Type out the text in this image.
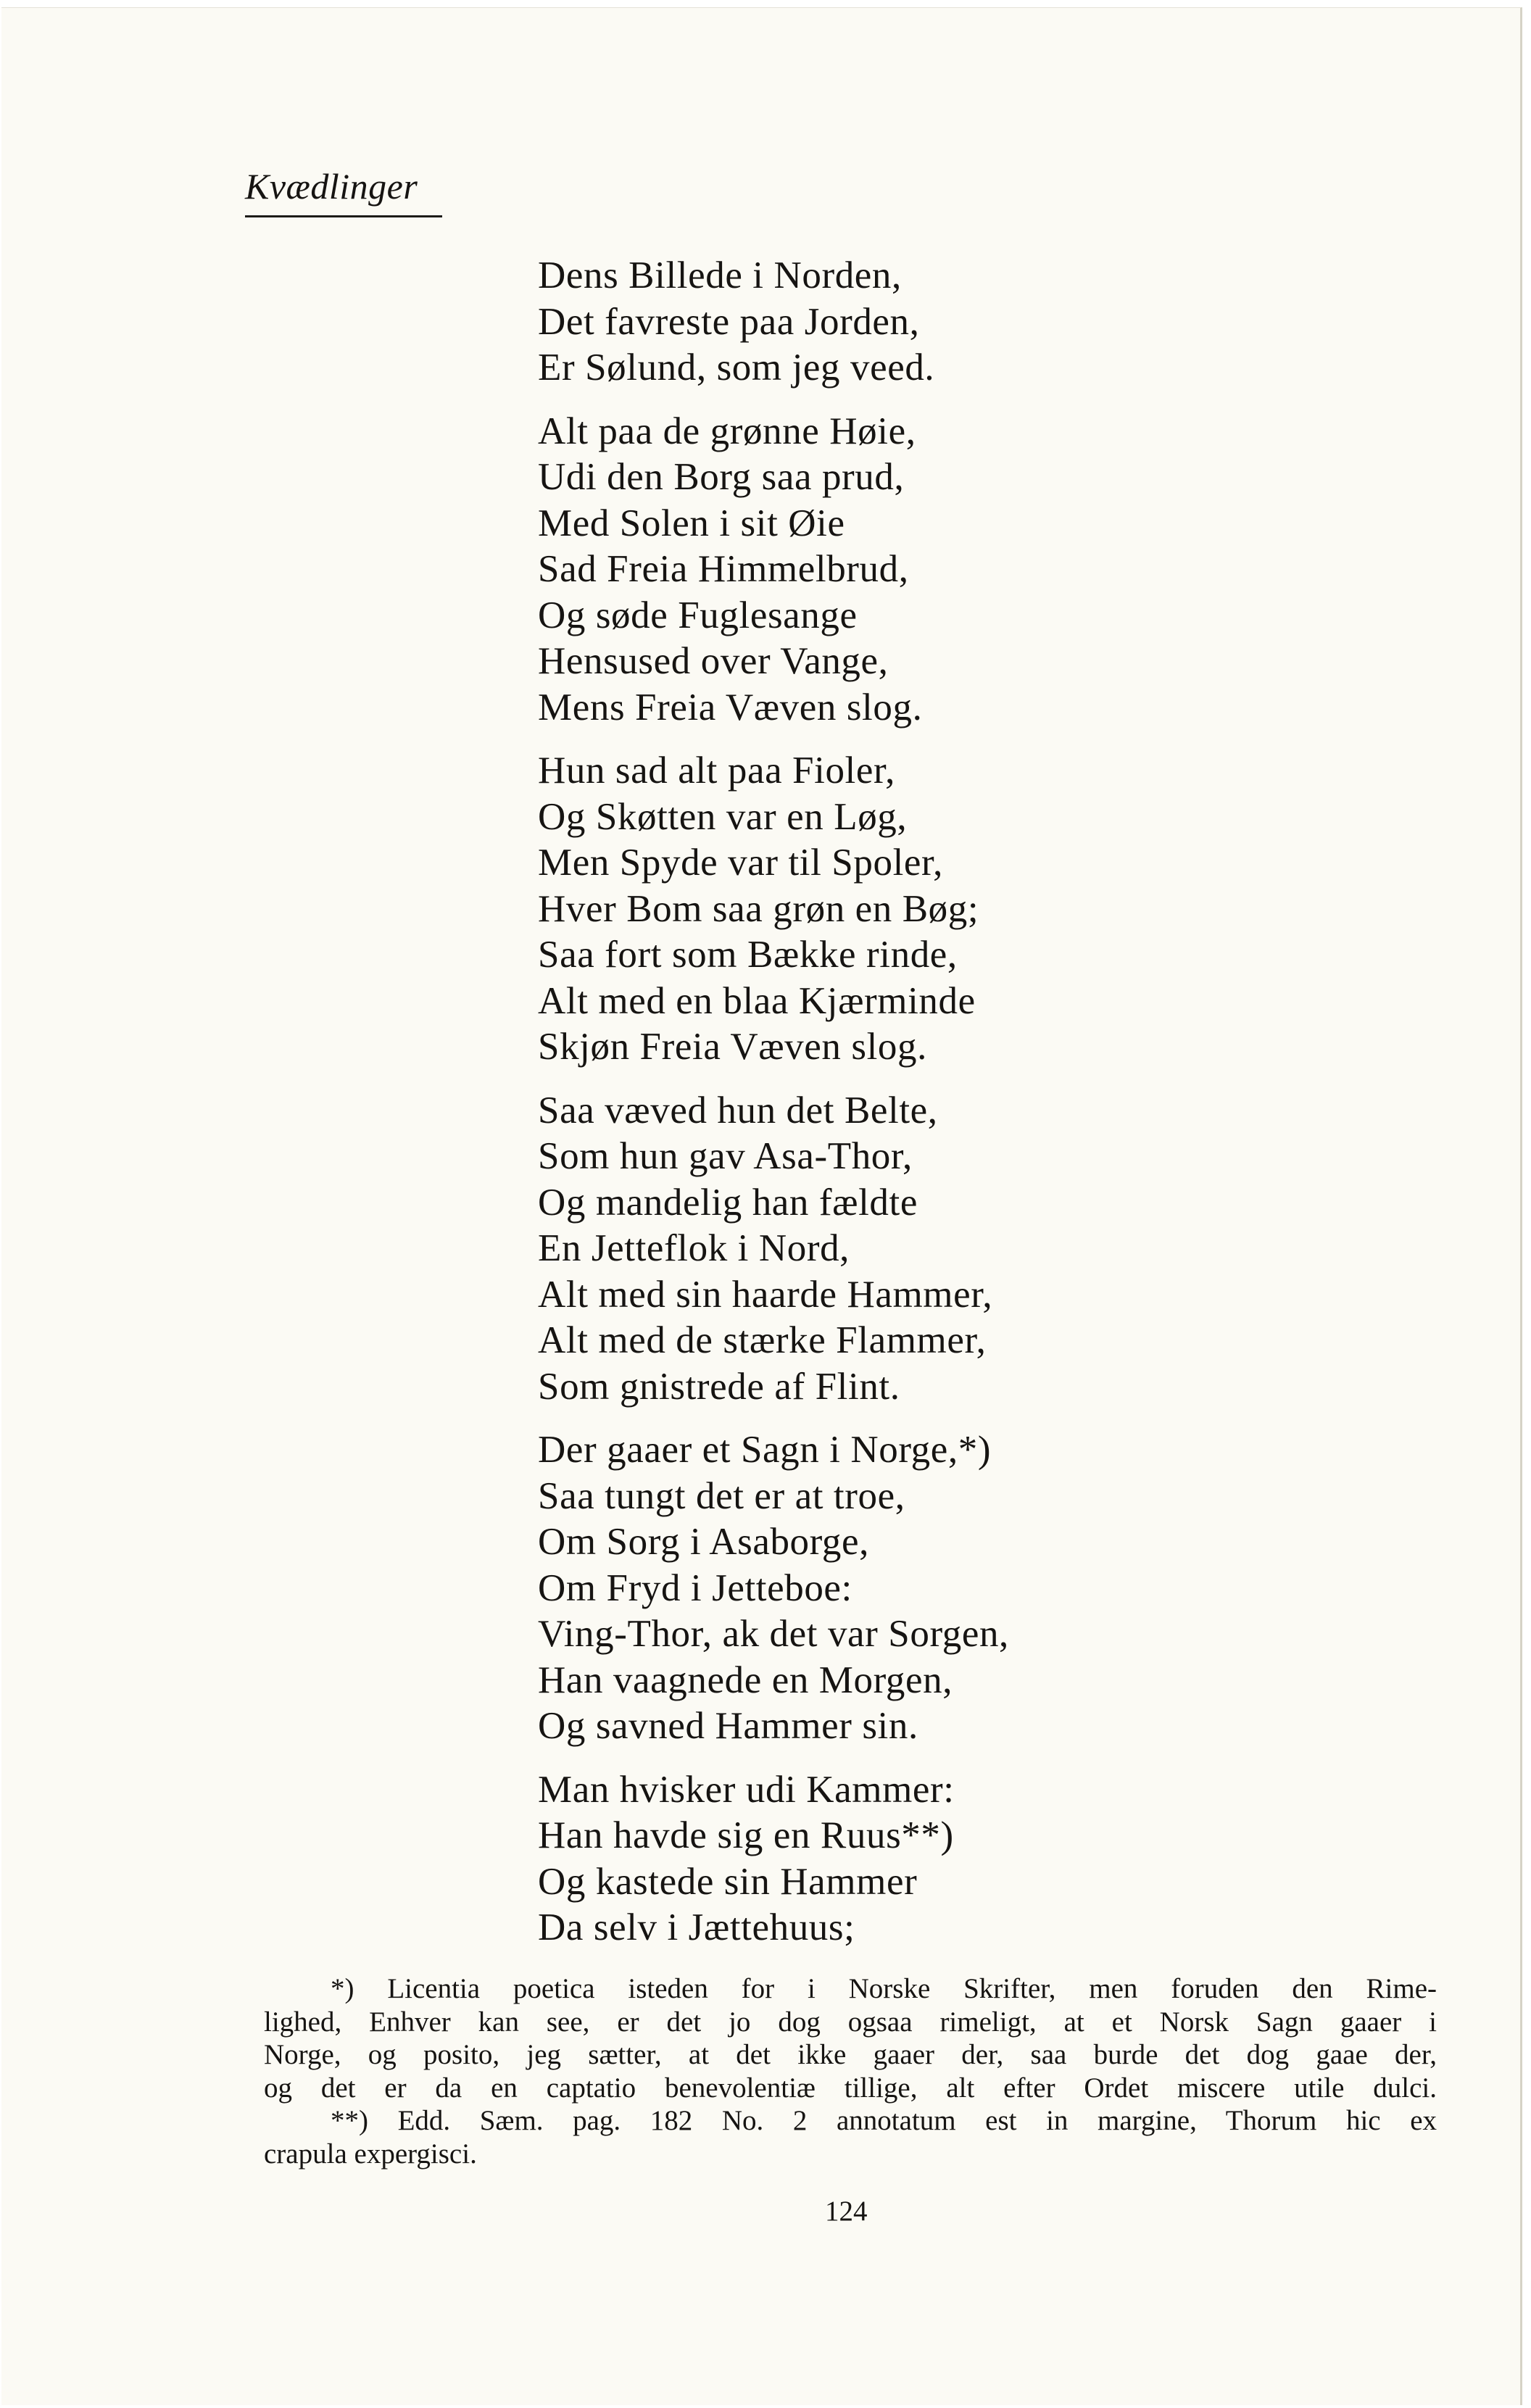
Kvædlinger
Dens Billede i Norden,
Det favreste paa Jorden,
Er Sølund, som jeg veed.
Alt paa de grønne Høie,
Udi den Borg saa prud,
Med Solen i sit Øie
Sad Freia Himmelbrud,
Og søde Fuglesange
Hensused over Vange,
Mens Freia Væven slog.
Hun sad alt paa Fioler,
Og Skøtten var en Løg,
Men Spyde var til Spoler,
Hver Bom saa grøn en Bøg;
Saa fort som Bække rinde,
Alt med en blaa Kjærminde
Skjøn Freia Væven slog.
Saa væved hun det Belte,
Som hun gav Asa-Thor,
Og mandelig han fældte
En Jetteflok i Nord,
Alt med sin haarde Hammer,
Alt med de stærke Flammer,
Som gnistrede af Flint.
Der gaaer et Sagn i Norge,*)
Saa tungt det er at troe,
Om Sorg i Asaborge,
Om Fryd i Jetteboe:
Ving-Thor, ak det var Sorgen,
Han vaagnede en Morgen,
Og savned Hammer sin.
Man hvisker udi Kammer:
Han havde sig en Ruus**)
Og kastede sin Hammer
Da selv i Jættehuus;
*) Licentia poetica isteden for i Norske Skrifter, men foruden den Rime-
lighed, Enhver kan see, er det jo dog ogsaa rimeligt, at et Norsk Sagn gaaer i
Norge, og posito, jeg sætter, at det ikke gaaer der, saa burde det dog gaae der,
og det er da en captatio benevolentiæ tillige, alt efter Ordet miscere utile dulci.
**) Edd. Sæm. pag. 182 No. 2 annotatum est in margine, Thorum hic ex
crapula expergisci.
124
